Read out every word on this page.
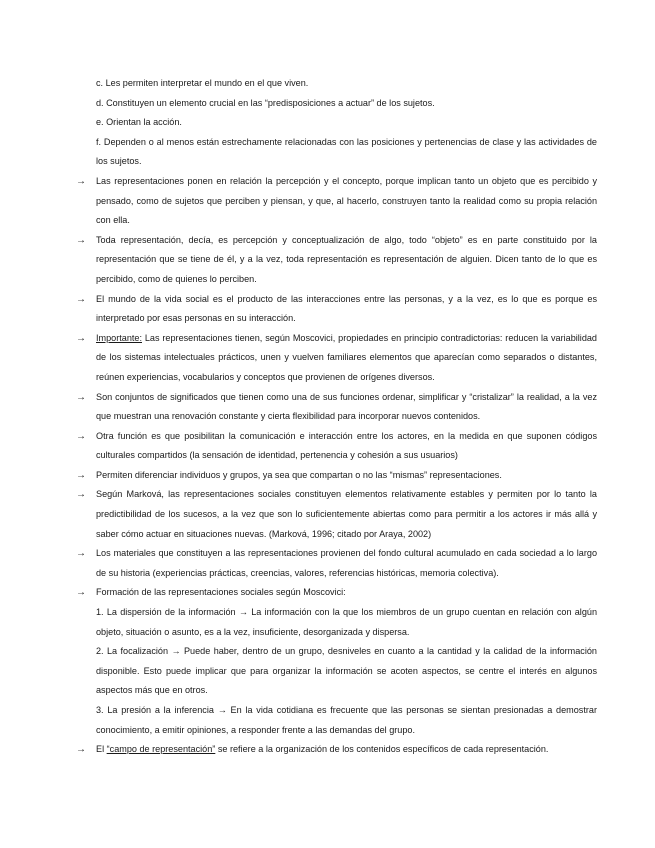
c. Les permiten interpretar el mundo en el que viven.

d. Constituyen un elemento crucial en las “predisposiciones a actuar” de los sujetos.

e. Orientan la acción.

f. Dependen o al menos están estrechamente relacionadas con las posiciones y pertenencias de clase y las actividades de los sujetos.

→ Las representaciones ponen en relación la percepción y el concepto, porque implican tanto un objeto que es percibido y pensado, como de sujetos que perciben y piensan, y que, al hacerlo, construyen tanto la realidad como su propia relación con ella.

→ Toda representación, decía, es percepción y conceptualización de algo, todo “objeto” es en parte constituido por la representación que se tiene de él, y a la vez, toda representación es representación de alguien. Dicen tanto de lo que es percibido, como de quienes lo perciben.

→ El mundo de la vida social es el producto de las interacciones entre las personas, y a la vez, es lo que es porque es interpretado por esas personas en su interacción.

→ Importante: Las representaciones tienen, según Moscovici, propiedades en principio contradictorias: reducen la variabilidad de los sistemas intelectuales prácticos, unen y vuelven familiares elementos que aparecían como separados o distantes, reúnen experiencias, vocabularios y conceptos que provienen de orígenes diversos.

→ Son conjuntos de significados que tienen como una de sus funciones ordenar, simplificar y “cristalizar” la realidad, a la vez que muestran una renovación constante y cierta flexibilidad para incorporar nuevos contenidos.

→ Otra función es que posibilitan la comunicación e interacción entre los actores, en la medida en que suponen códigos culturales compartidos (la sensación de identidad, pertenencia y cohesión a sus usuarios)

→ Permiten diferenciar individuos y grupos, ya sea que compartan o no las “mismas” representaciones.

→ Según Marková, las representaciones sociales constituyen elementos relativamente estables y permiten por lo tanto la predictibilidad de los sucesos, a la vez que son lo suficientemente abiertas como para permitir a los actores ir más allá y saber cómo actuar en situaciones nuevas. (Marková, 1996; citado por Araya, 2002)

→ Los materiales que constituyen a las representaciones provienen del fondo cultural acumulado en cada sociedad a lo largo de su historia (experiencias prácticas, creencias, valores, referencias históricas, memoria colectiva).

→ Formación de las representaciones sociales según Moscovici:

1. La dispersión de la información → La información con la que los miembros de un grupo cuentan en relación con algún objeto, situación o asunto, es a la vez, insuficiente, desorganizada y dispersa.

2. La focalización → Puede haber, dentro de un grupo, desniveles en cuanto a la cantidad y la calidad de la información disponible. Esto puede implicar que para organizar la información se acoten aspectos, se centre el interés en algunos aspectos más que en otros.

3. La presión a la inferencia → En la vida cotidiana es frecuente que las personas se sientan presionadas a demostrar conocimiento, a emitir opiniones, a responder frente a las demandas del grupo.

→ El “campo de representación” se refiere a la organización de los contenidos específicos de cada representación.
